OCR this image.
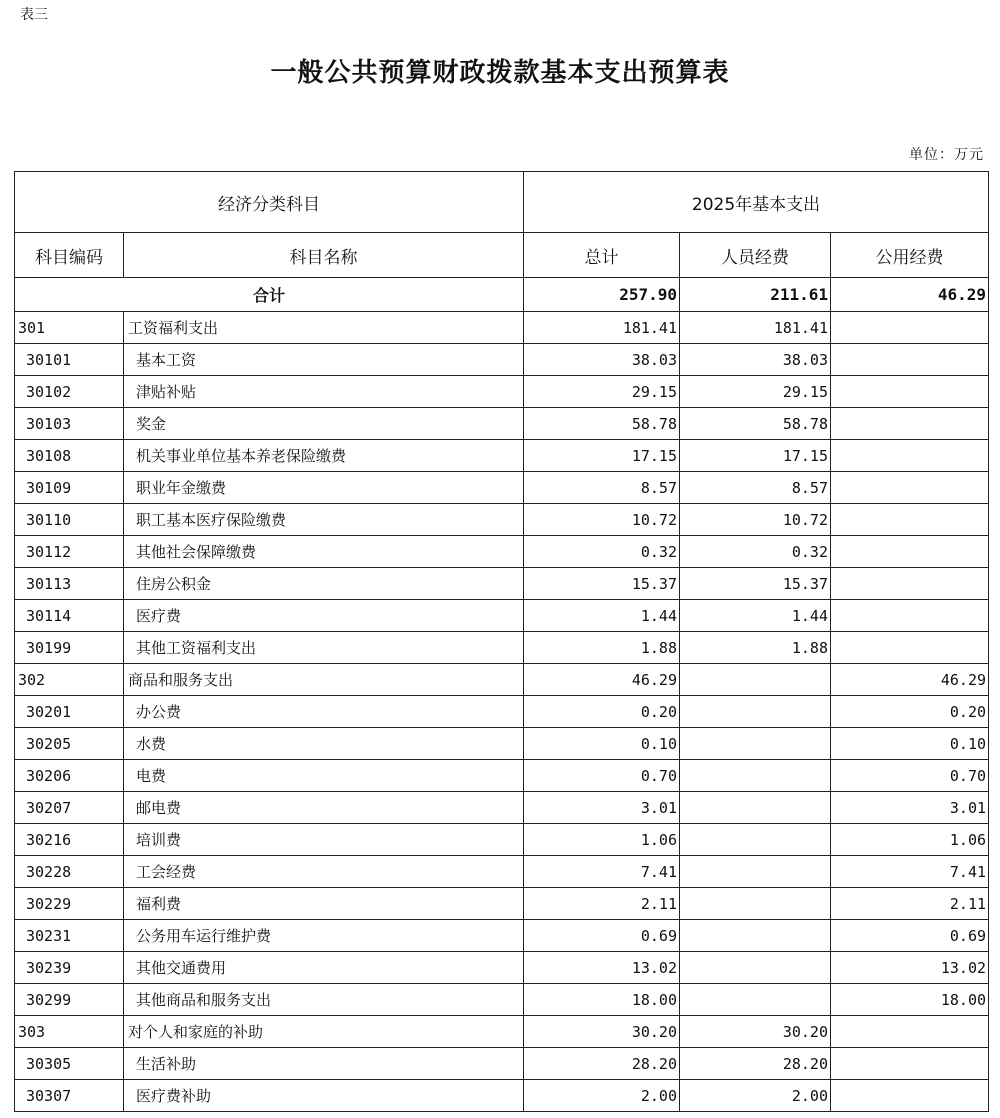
表三
一般公共预算财政拨款基本支出预算表
单位：万元
经济分类科目		2025年基本支出		
科目编码	科目名称	总计	人员经费	公用经费
合计		257.90	211.61	46.29
301	工资福利支出	181.41	181.41	
30101	基本工资	38.03	38.03	
30102	津贴补贴	29.15	29.15	
30103	奖金	58.78	58.78	
30108	机关事业单位基本养老保险缴费	17.15	17.15	
30109	职业年金缴费	8.57	8.57	
30110	职工基本医疗保险缴费	10.72	10.72	
30112	其他社会保障缴费	0.32	0.32	
30113	住房公积金	15.37	15.37	
30114	医疗费	1.44	1.44	
30199	其他工资福利支出	1.88	1.88	
302	商品和服务支出	46.29		46.29
30201	办公费	0.20		0.20
30205	水费	0.10		0.10
30206	电费	0.70		0.70
30207	邮电费	3.01		3.01
30216	培训费	1.06		1.06
30228	工会经费	7.41		7.41
30229	福利费	2.11		2.11
30231	公务用车运行维护费	0.69		0.69
30239	其他交通费用	13.02		13.02
30299	其他商品和服务支出	18.00		18.00
303	对个人和家庭的补助	30.20	30.20	
30305	生活补助	28.20	28.20	
30307	医疗费补助	2.00	2.00	
